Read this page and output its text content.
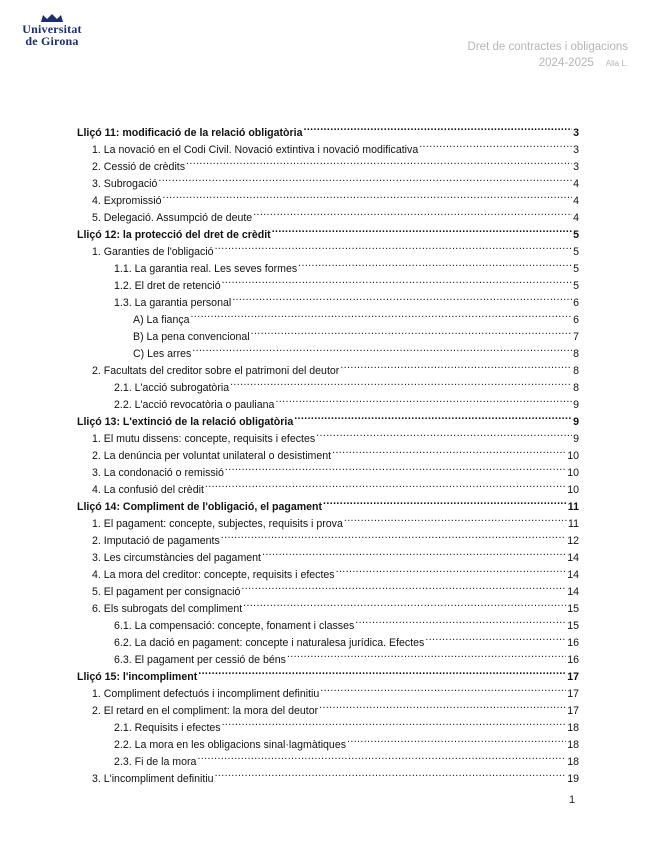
Universitat
de Girona	Dret de contractes i obligacions
2024-2025 Alia L.
Lliçó 11: modificació de la relació obligatòria .....	3
1. La novació en el Codi Civil. Novació extintiva i novació modificativa .....	3
2. Cessió de crèdits .....	3
3. Subrogació .....	4
4. Expromissió .....	4
5. Delegació. Assumpció de deute .....	4
Lliçó 12: la protecció del dret de crèdit .....	5
1. Garanties de l'obligació .....	5
1.1. La garantia real. Les seves formes .....	5
1.2. El dret de retenció .....	5
1.3. La garantia personal .....	6
A) La fiança .....	6
B) La pena convencional .....	7
C) Les arres .....	8
2. Facultats del creditor sobre el patrimoni del deutor .....	8
2.1. L'acció subrogatòria .....	8
2.2. L'acció revocatòria o pauliana .....	9
Lliçó 13: L'extinció de la relació obligatòria .....	9
1. El mutu dissens: concepte, requisits i efectes .....	9
2. La denúncia per voluntat unilateral o desistiment .....	10
3. La condonació o remissió .....	10
4. La confusió del crèdit .....	10
Lliçó 14: Compliment de l'obligació, el pagament .....	11
1. El pagament: concepte, subjectes, requisits i prova .....	11
2. Imputació de pagaments .....	12
3. Les circumstàncies del pagament .....	14
4. La mora del creditor: concepte, requisits i efectes .....	14
5. El pagament per consignació .....	14
6. Els subrogats del compliment .....	15
6.1. La compensació: concepte, fonament i classes .....	15
6.2. La dació en pagament: concepte i naturalesa jurídica. Efectes .....	16
6.3. El pagament per cessió de béns .....	16
Lliçó 15: l'incompliment .....	17
1. Compliment defectuós i incompliment definitiu .....	17
2. El retard en el compliment: la mora del deutor .....	17
2.1. Requisits i efectes .....	18
2.2. La mora en les obligacions sinal·lagmàtiques .....	18
2.3. Fi de la mora .....	18
3. L'incompliment definitiu .....	19
1
